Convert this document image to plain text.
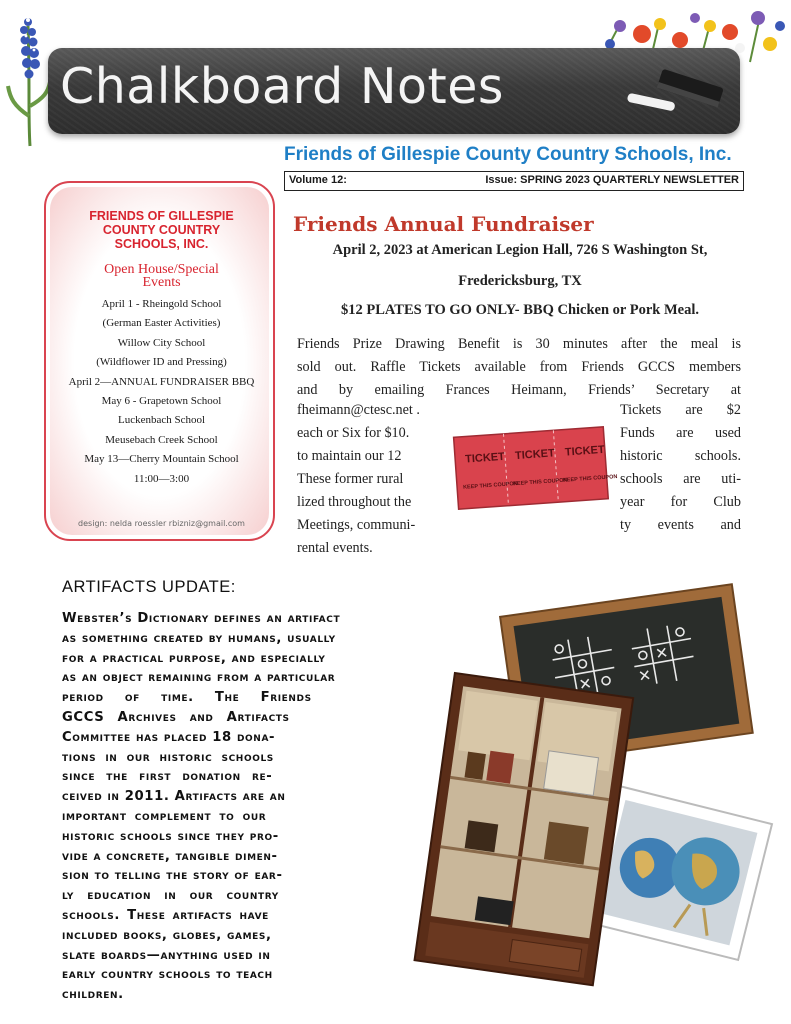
Chalkboard Notes
Friends of Gillespie County Country Schools, Inc.
Volume 12:	Issue: SPRING 2023 QUARTERLY NEWSLETTER
FRIENDS OF GILLESPIE
COUNTY COUNTRY
SCHOOLS, INC.
Open House/Special
Events
April 1 - Rheingold School
(German Easter Activities)
Willow City School
(Wildflower ID and Pressing)
April 2—ANNUAL FUNDRAISER BBQ
May 6 - Grapetown School
Luckenbach School
Meusebach Creek School
May 13—Cherry Mountain School
11:00—3:00
design: nelda roessler rbizniz@gmail.com
Friends Annual Fundraiser
April 2, 2023 at American Legion Hall, 726 S Washington St,
Fredericksburg, TX
$12 PLATES TO GO ONLY- BBQ Chicken or Pork Meal.
Friends Prize Drawing Benefit is 30 minutes after the meal is
sold out. Raffle Tickets available from Friends GCCS members
and by emailing Frances Heimann, Friends’ Secretary at
fheimann@ctesc.net .
each or Six for $10.
to maintain our 12
These former rural
lized throughout the
Meetings, communi-
rental events.
Tickets are $2
Funds are used
historic schools.
schools are uti-
year for Club
ty events and
TICKET TICKET TICKET
KEEP THIS COUPON
KEEP THIS COUPON
KEEP THIS COUPON
ARTIFACTS UPDATE:
Webster’s Dictionary defines an artifact
as something created by humans, usually
for a practical purpose, and especially
as an object remaining from a particular
period of time. The Friends
GCCS Archives and Artifacts
Committee has placed 18 dona-
tions in our historic schools
since the first donation re-
ceived in 2011. Artifacts are an
important complement to our
historic schools since they pro-
vide a concrete, tangible dimen-
sion to telling the story of ear-
ly education in our country
schools. These artifacts have
included books, globes, games,
slate boards—anything used in
early country schools to teach
children.
